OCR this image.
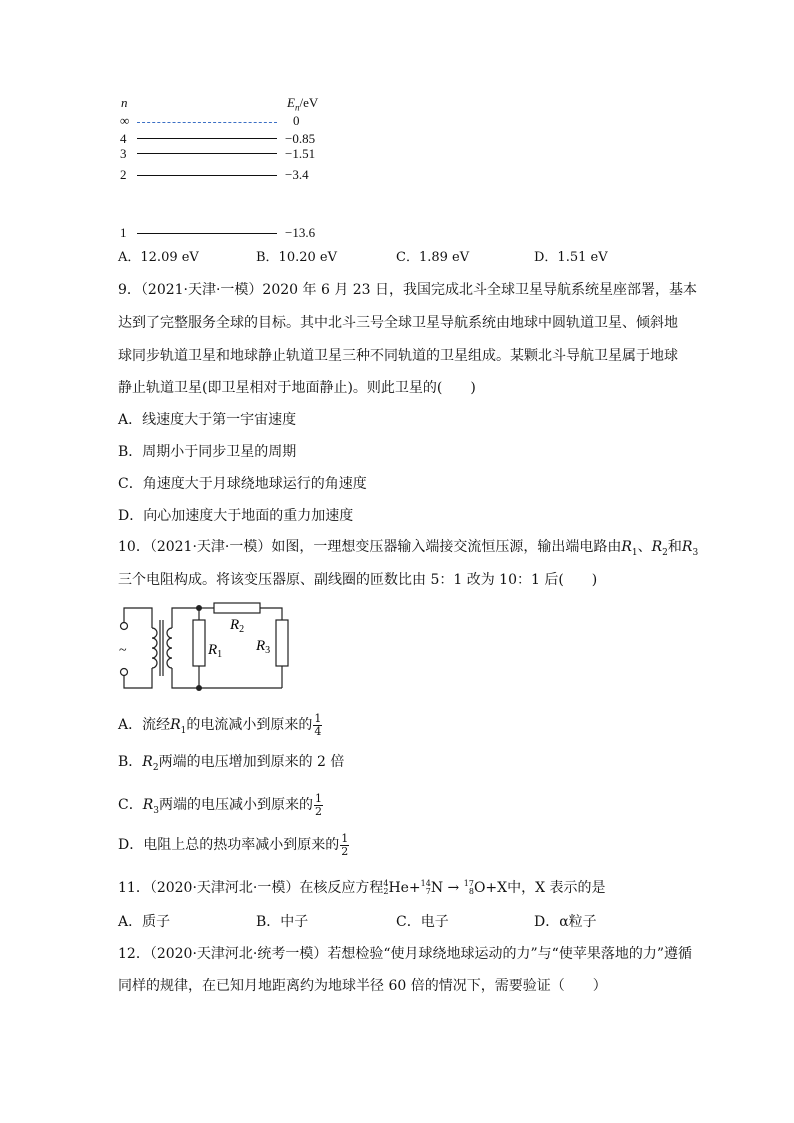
n	$E_n/eV$
∞	0
4	−0.85
3	−1.51
2	−3.4
1	−13.6
A．12.09 eV	B．10.20 eV	C．1.89 eV	D．1.51 eV
9．（2021·天津·一模）2020 年 6 月 23 日，我国完成北斗全球卫星导航系统星座部署，基本
达到了完整服务全球的目标。其中北斗三号全球卫星导航系统由地球中圆轨道卫星、倾斜地
球同步轨道卫星和地球静止轨道卫星三种不同轨道的卫星组成。某颗北斗导航卫星属于地球
静止轨道卫星(即卫星相对于地面静止)。则此卫星的(　　)
A．线速度大于第一宇宙速度
B．周期小于同步卫星的周期
C．角速度大于月球绕地球运行的角速度
D．向心加速度大于地面的重力加速度
10．（2021·天津·一模）如图，一理想变压器输入端接交流恒压源，输出端电路由$R_1$、$R_2$和$R_3$
三个电阻构成。将该变压器原、副线圈的匝数比由 5：1 改为 10：1 后(　　)
~	$R_1$
$R_2$
$R_3$
A．流经$R_1$的电流减小到原来的 $\frac{1}{4}$
B．$R_2$两端的电压增加到原来的 2 倍
C．$R_3$两端的电压减小到原来的 $\frac{1}{2}$
D．电阻上总的热功率减小到原来的 $\frac{1}{2}$
11．（2020·天津河北·一模）在核反应方程 4
2 He+ 14
7 N → 17
8 O+X中，X 表示的是
A．质子	B．中子	C．电子	D．α粒子
12．（2020·天津河北·统考一模）若想检验“使月球绕地球运动的力”与“使苹果落地的力”遵循
同样的规律，在已知月地距离约为地球半径 60 倍的情况下，需要验证（　　）
